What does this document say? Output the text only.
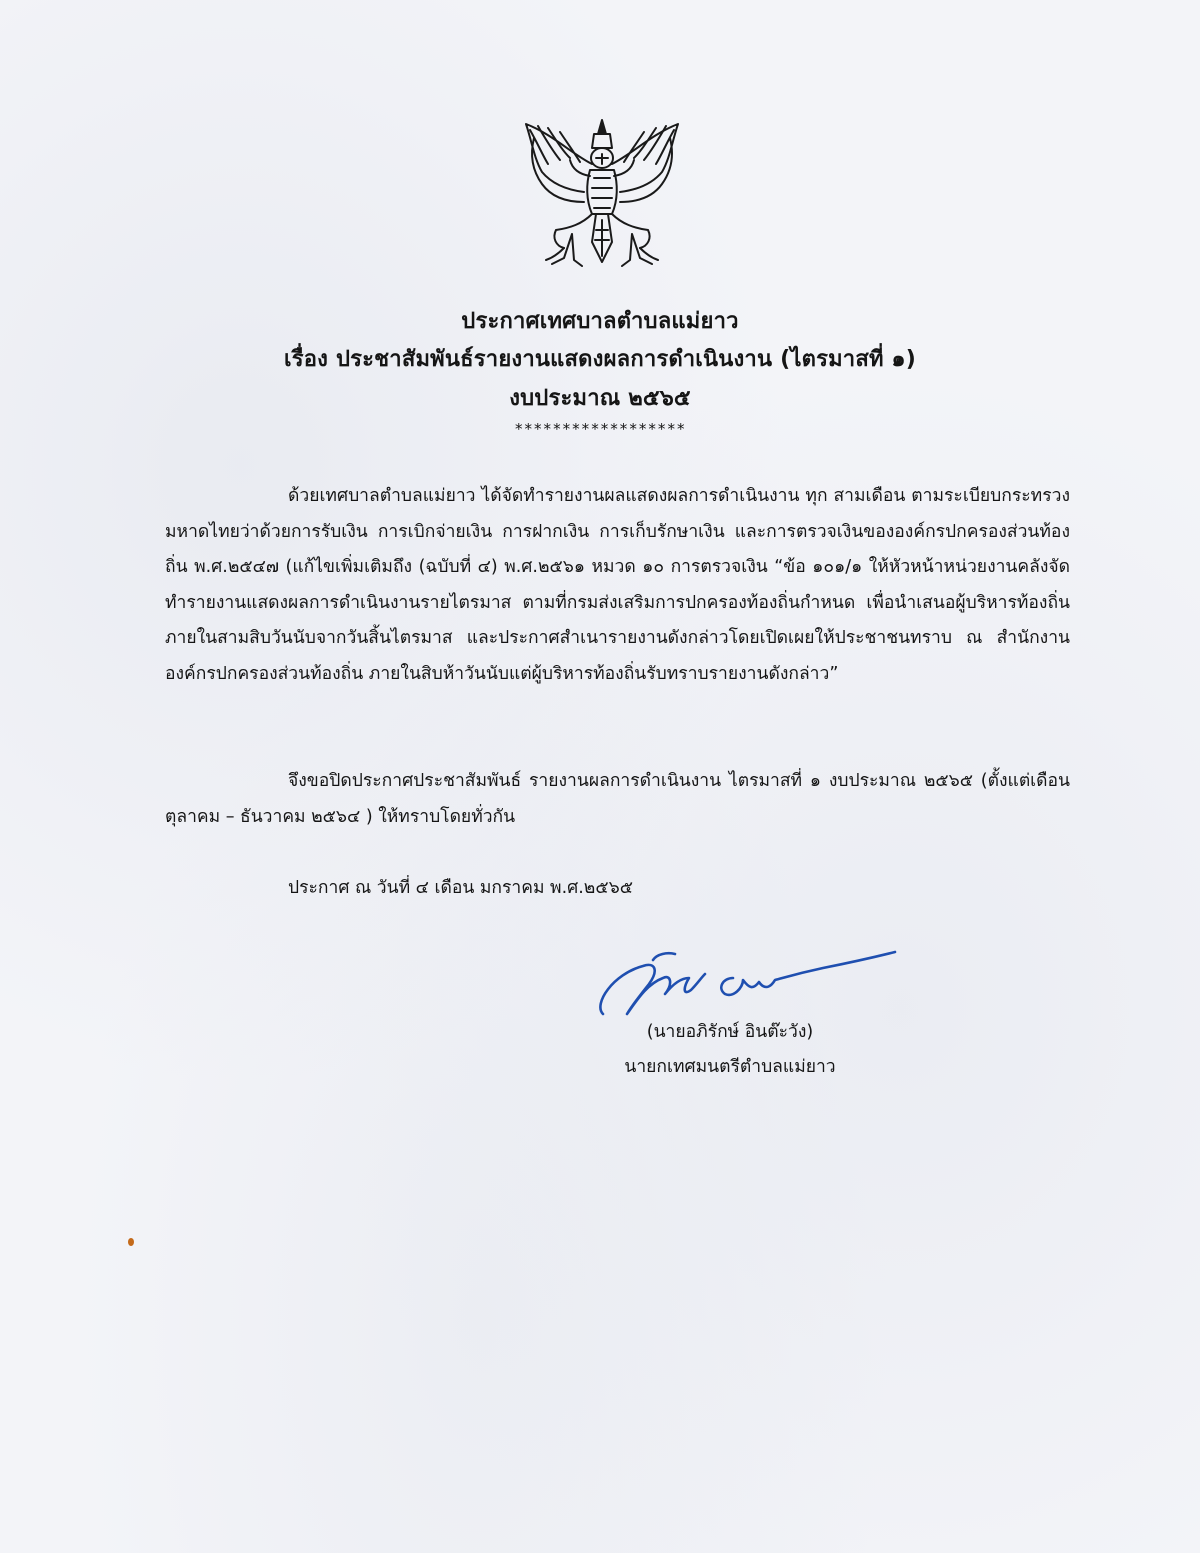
ประกาศเทศบาลตำบลแม่ยาว
เรื่อง ประชาสัมพันธ์รายงานแสดงผลการดำเนินงาน (ไตรมาสที่ ๑)
งบประมาณ ๒๕๖๕
******************
ด้วยเทศบาลตำบลแม่ยาว ได้จัดทำรายงานผลแสดงผลการดำเนินงาน ทุก สามเดือน ตามระเบียบกระทรวงมหาดไทยว่าด้วยการรับเงิน การเบิกจ่ายเงิน การฝากเงิน การเก็บรักษาเงิน และการตรวจเงินขององค์กรปกครองส่วนท้องถิ่น พ.ศ.๒๕๔๗ (แก้ไขเพิ่มเติมถึง (ฉบับที่ ๔) พ.ศ.๒๕๖๑ หมวด ๑๐ การตรวจเงิน “ข้อ ๑๐๑/๑ ให้หัวหน้าหน่วยงานคลังจัดทำรายงานแสดงผลการดำเนินงานรายไตรมาส ตามที่กรมส่งเสริมการปกครองท้องถิ่นกำหนด เพื่อนำเสนอผู้บริหารท้องถิ่นภายในสามสิบวันนับจากวันสิ้นไตรมาส และประกาศสำเนารายงานดังกล่าวโดยเปิดเผยให้ประชาชนทราบ ณ สำนักงานองค์กรปกครองส่วนท้องถิ่น ภายในสิบห้าวันนับแต่ผู้บริหารท้องถิ่นรับทราบรายงานดังกล่าว”
จึงขอปิดประกาศประชาสัมพันธ์ รายงานผลการดำเนินงาน ไตรมาสที่ ๑ งบประมาณ ๒๕๖๕ (ตั้งแต่เดือน ตุลาคม – ธันวาคม ๒๕๖๔ ) ให้ทราบโดยทั่วกัน
ประกาศ ณ วันที่ ๔ เดือน มกราคม พ.ศ.๒๕๖๕
(นายอภิรักษ์ อินต๊ะวัง)
นายกเทศมนตรีตำบลแม่ยาว
